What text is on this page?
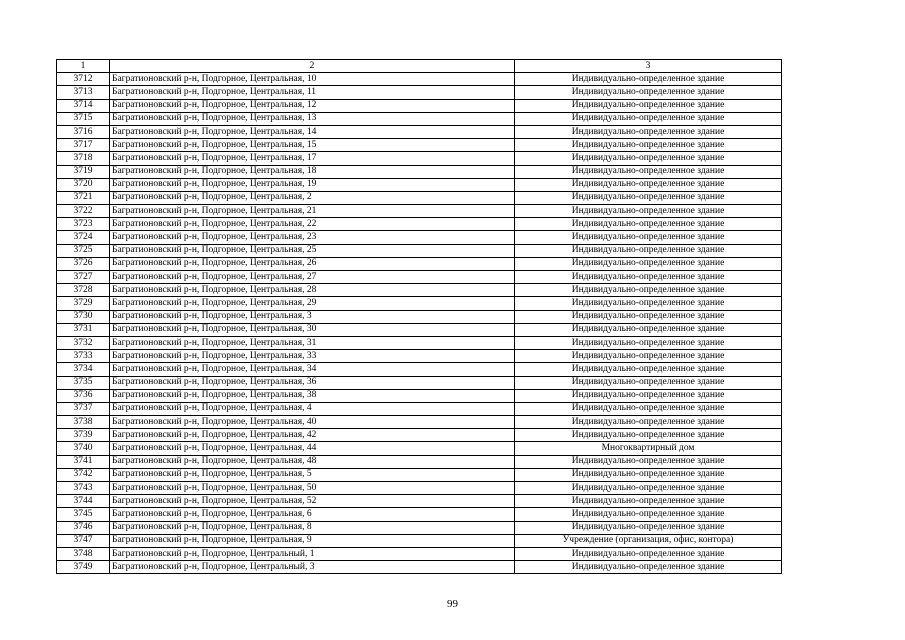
1	2	3
3712	Багратионовский р-н, Подгорное, Центральная, 10	Индивидуально-определенное здание
3713	Багратионовский р-н, Подгорное, Центральная, 11	Индивидуально-определенное здание
3714	Багратионовский р-н, Подгорное, Центральная, 12	Индивидуально-определенное здание
3715	Багратионовский р-н, Подгорное, Центральная, 13	Индивидуально-определенное здание
3716	Багратионовский р-н, Подгорное, Центральная, 14	Индивидуально-определенное здание
3717	Багратионовский р-н, Подгорное, Центральная, 15	Индивидуально-определенное здание
3718	Багратионовский р-н, Подгорное, Центральная, 17	Индивидуально-определенное здание
3719	Багратионовский р-н, Подгорное, Центральная, 18	Индивидуально-определенное здание
3720	Багратионовский р-н, Подгорное, Центральная, 19	Индивидуально-определенное здание
3721	Багратионовский р-н, Подгорное, Центральная, 2	Индивидуально-определенное здание
3722	Багратионовский р-н, Подгорное, Центральная, 21	Индивидуально-определенное здание
3723	Багратионовский р-н, Подгорное, Центральная, 22	Индивидуально-определенное здание
3724	Багратионовский р-н, Подгорное, Центральная, 23	Индивидуально-определенное здание
3725	Багратионовский р-н, Подгорное, Центральная, 25	Индивидуально-определенное здание
3726	Багратионовский р-н, Подгорное, Центральная, 26	Индивидуально-определенное здание
3727	Багратионовский р-н, Подгорное, Центральная, 27	Индивидуально-определенное здание
3728	Багратионовский р-н, Подгорное, Центральная, 28	Индивидуально-определенное здание
3729	Багратионовский р-н, Подгорное, Центральная, 29	Индивидуально-определенное здание
3730	Багратионовский р-н, Подгорное, Центральная, 3	Индивидуально-определенное здание
3731	Багратионовский р-н, Подгорное, Центральная, 30	Индивидуально-определенное здание
3732	Багратионовский р-н, Подгорное, Центральная, 31	Индивидуально-определенное здание
3733	Багратионовский р-н, Подгорное, Центральная, 33	Индивидуально-определенное здание
3734	Багратионовский р-н, Подгорное, Центральная, 34	Индивидуально-определенное здание
3735	Багратионовский р-н, Подгорное, Центральная, 36	Индивидуально-определенное здание
3736	Багратионовский р-н, Подгорное, Центральная, 38	Индивидуально-определенное здание
3737	Багратионовский р-н, Подгорное, Центральная, 4	Индивидуально-определенное здание
3738	Багратионовский р-н, Подгорное, Центральная, 40	Индивидуально-определенное здание
3739	Багратионовский р-н, Подгорное, Центральная, 42	Индивидуально-определенное здание
3740	Багратионовский р-н, Подгорное, Центральная, 44	Многоквартирный дом
3741	Багратионовский р-н, Подгорное, Центральная, 48	Индивидуально-определенное здание
3742	Багратионовский р-н, Подгорное, Центральная, 5	Индивидуально-определенное здание
3743	Багратионовский р-н, Подгорное, Центральная, 50	Индивидуально-определенное здание
3744	Багратионовский р-н, Подгорное, Центральная, 52	Индивидуально-определенное здание
3745	Багратионовский р-н, Подгорное, Центральная, 6	Индивидуально-определенное здание
3746	Багратионовский р-н, Подгорное, Центральная, 8	Индивидуально-определенное здание
3747	Багратионовский р-н, Подгорное, Центральная, 9	Учреждение (организация, офис, контора)
3748	Багратионовский р-н, Подгорное, Центральный, 1	Индивидуально-определенное здание
3749	Багратионовский р-н, Подгорное, Центральный, 3	Индивидуально-определенное здание
99
